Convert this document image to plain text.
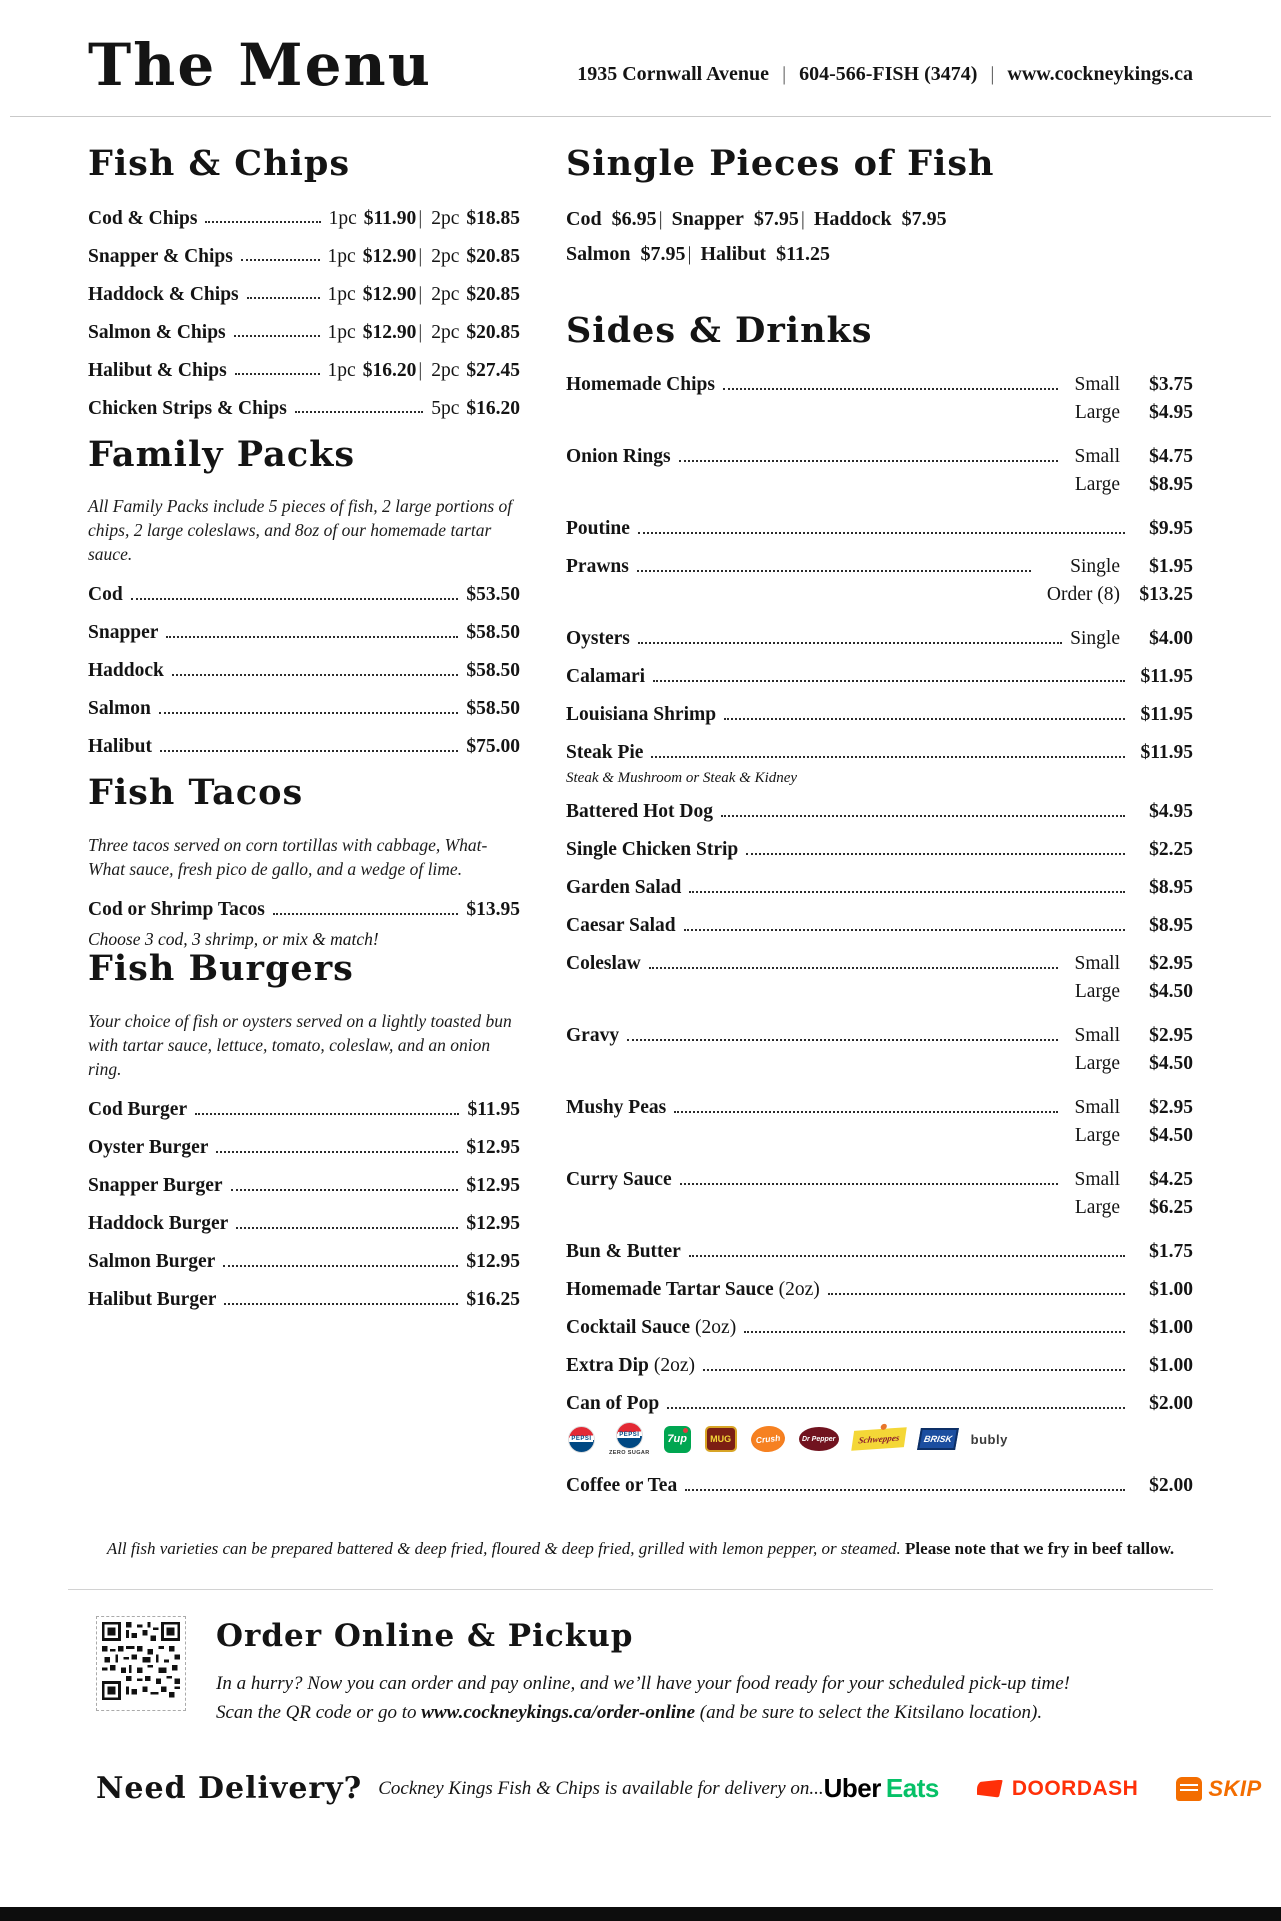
The Menu	1935 Cornwall Avenue | 604-566-FISH (3474) | www.cockneykings.ca
Fish & Chips
Cod & Chips	1pc $11.90 | 2pc $18.85
Snapper & Chips	1pc $12.90 | 2pc $20.85
Haddock & Chips	1pc $12.90 | 2pc $20.85
Salmon & Chips	1pc $12.90 | 2pc $20.85
Halibut & Chips	1pc $16.20 | 2pc $27.45
Chicken Strips & Chips	5pc $16.20
Family Packs

All Family Packs include 5 pieces of fish, 2 large portions of chips, 2 large coleslaws, and 8oz of our homemade tartar sauce.

Cod	$53.50
Snapper	$58.50
Haddock	$58.50
Salmon	$58.50
Halibut	$75.00
Fish Tacos

Three tacos served on corn tortillas with cabbage, What-What sauce, fresh pico de gallo, and a wedge of lime.

Cod or Shrimp Tacos	$13.95

Choose 3 cod, 3 shrimp, or mix & match!

Fish Burgers

Your choice of fish or oysters served on a lightly toasted bun with tartar sauce, lettuce, tomato, coleslaw, and an onion ring.

Cod Burger	$11.95
Oyster Burger	$12.95
Snapper Burger	$12.95
Haddock Burger	$12.95
Salmon Burger	$12.95
Halibut Burger	$16.25
Single Pieces of Fish
Cod $6.95 | Snapper $7.95 | Haddock $7.95
Salmon $7.95 | Halibut $11.25
Sides & Drinks
Homemade Chips	Small	$3.75
Large	$4.95
Onion Rings	Small	$4.75
Large	$8.95
Poutine	$9.95
Prawns	Single	$1.95
Order (8) $13.25
Oysters	Single	$4.00
Calamari	$11.95
Louisiana Shrimp	$11.95
Steak Pie	$11.95

Steak & Mushroom or Steak & Kidney

Battered Hot Dog	$4.95
Single Chicken Strip	$2.25
Garden Salad	$8.95
Caesar Salad	$8.95
Coleslaw	Small	$2.95
Large	$4.50
Gravy	Small	$2.95
Large	$4.50
Mushy Peas	Small	$2.95
Large	$4.50
Curry Sauce	Small	$4.25
Large	$6.25
Bun & Butter	$1.75
Homemade Tartar Sauce (2oz)	$1.00
Cocktail Sauce (2oz)	$1.00
Extra Dip (2oz)	$1.00
Can of Pop	$2.00
PEPSI
PEPSI
ZERO SUGAR
7up	MUG	Crush	Dr Pepper	Schweppes	BRISK	bubly
Coffee or Tea	$2.00

All fish varieties can be prepared battered & deep fried, floured & deep fried, grilled with lemon pepper, or steamed. Please note that we fry in beef tallow.

Order Online & Pickup
In a hurry? Now you can order and pay online, and we’ll have your food ready for your scheduled pick-up time!
Scan the QR code or go to www.cockneykings.ca/order-online (and be sure to select the Kitsilano location).
Need Delivery? Cockney Kings Fish & Chips is available for delivery on... Uber Eats	DOORDASH	SKIP
